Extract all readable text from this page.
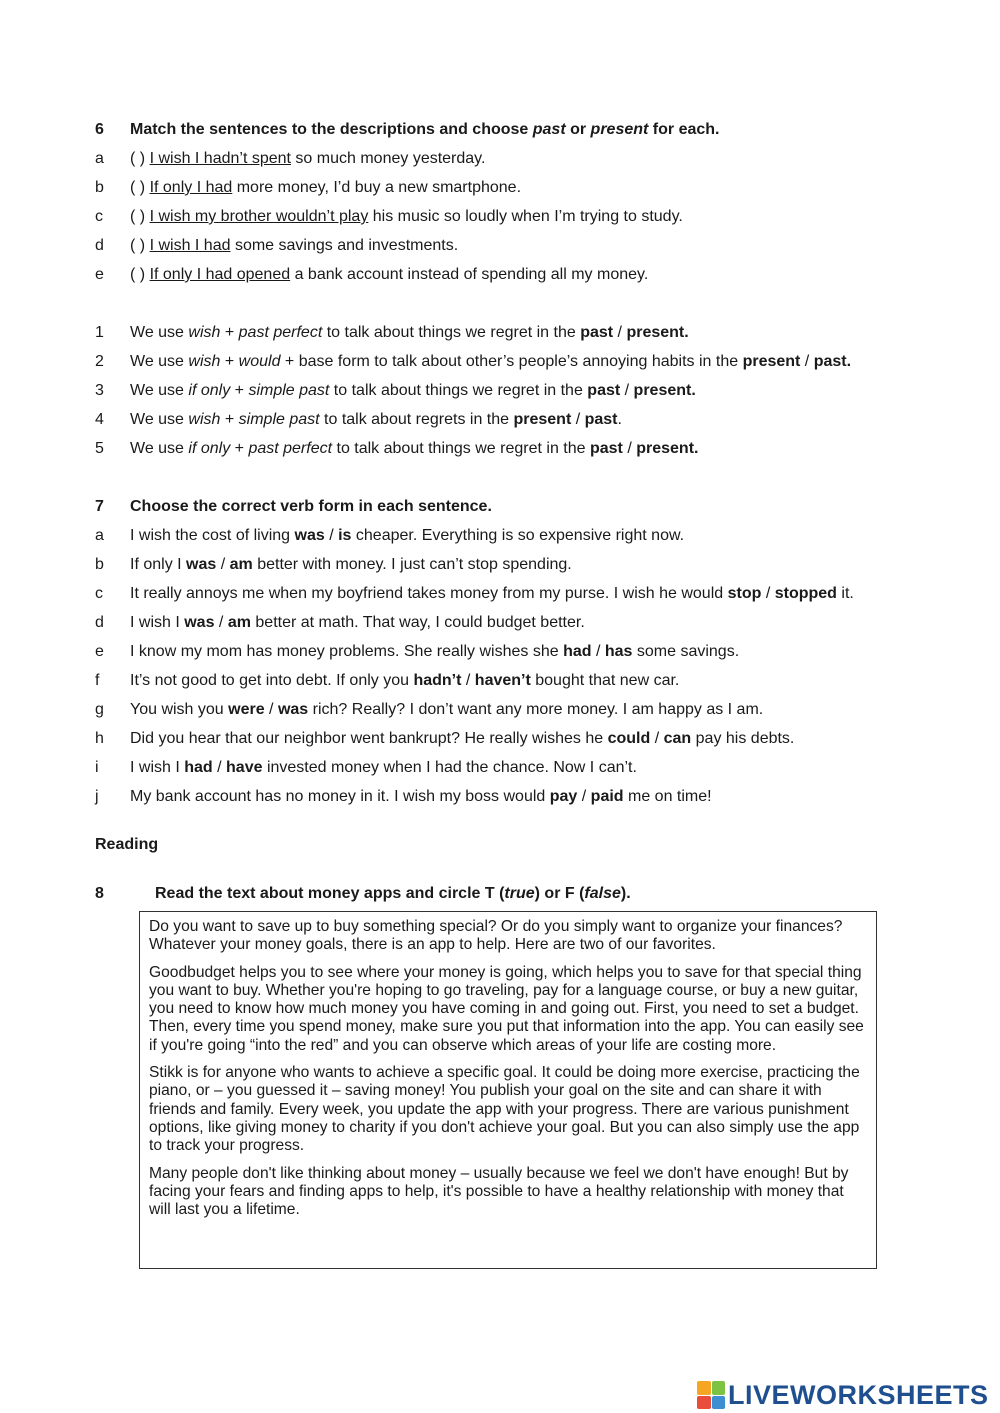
6 Match the sentences to the descriptions and choose past or present for each.
a ( ) I wish I hadn’t spent so much money yesterday.
b ( ) If only I had more money, I’d buy a new smartphone.
c ( ) I wish my brother wouldn’t play his music so loudly when I’m trying to study.
d ( ) I wish I had some savings and investments.
e ( ) If only I had opened a bank account instead of spending all my money.
1 We use wish + past perfect to talk about things we regret in the past / present.
2 We use wish + would + base form to talk about other’s people’s annoying habits in the present / past.
3 We use if only + simple past to talk about things we regret in the past / present.
4 We use wish + simple past to talk about regrets in the present / past.
5 We use if only + past perfect to talk about things we regret in the past / present.
7 Choose the correct verb form in each sentence.
a I wish the cost of living was / is cheaper. Everything is so expensive right now.
b If only I was / am better with money. I just can’t stop spending.
c It really annoys me when my boyfriend takes money from my purse. I wish he would stop / stopped it.
d I wish I was / am better at math. That way, I could budget better.
e I know my mom has money problems. She really wishes she had / has some savings.
f It’s not good to get into debt. If only you hadn’t / haven’t bought that new car.
g You wish you were / was rich? Really? I don’t want any more money. I am happy as I am.
h Did you hear that our neighbor went bankrupt? He really wishes he could / can pay his debts.
i I wish I had / have invested money when I had the chance. Now I can’t.
j My bank account has no money in it. I wish my boss would pay / paid me on time!
Reading
8	Read the text about money apps and circle T (true) or F (false).

Do you want to save up to buy something special? Or do you simply want to organize your finances? Whatever your money goals, there is an app to help. Here are two of our favorites.

Goodbudget helps you to see where your money is going, which helps you to save for that special thing you want to buy. Whether you're hoping to go traveling, pay for a language course, or buy a new guitar, you need to know how much money you have coming in and going out. First, you need to set a budget. Then, every time you spend money, make sure you put that information into the app. You can easily see if you're going “into the red” and you can observe which areas of your life are costing more.

Stikk is for anyone who wants to achieve a specific goal. It could be doing more exercise, practicing the piano, or – you guessed it – saving money! You publish your goal on the site and can share it with friends and family. Every week, you update the app with your progress. There are various punishment options, like giving money to charity if you don't achieve your goal. But you can also simply use the app to track your progress.

Many people don't like thinking about money – usually because we feel we don't have enough! But by facing your fears and finding apps to help, it's possible to have a healthy relationship with money that will last you a lifetime.

LIVEWORKSHEETS
